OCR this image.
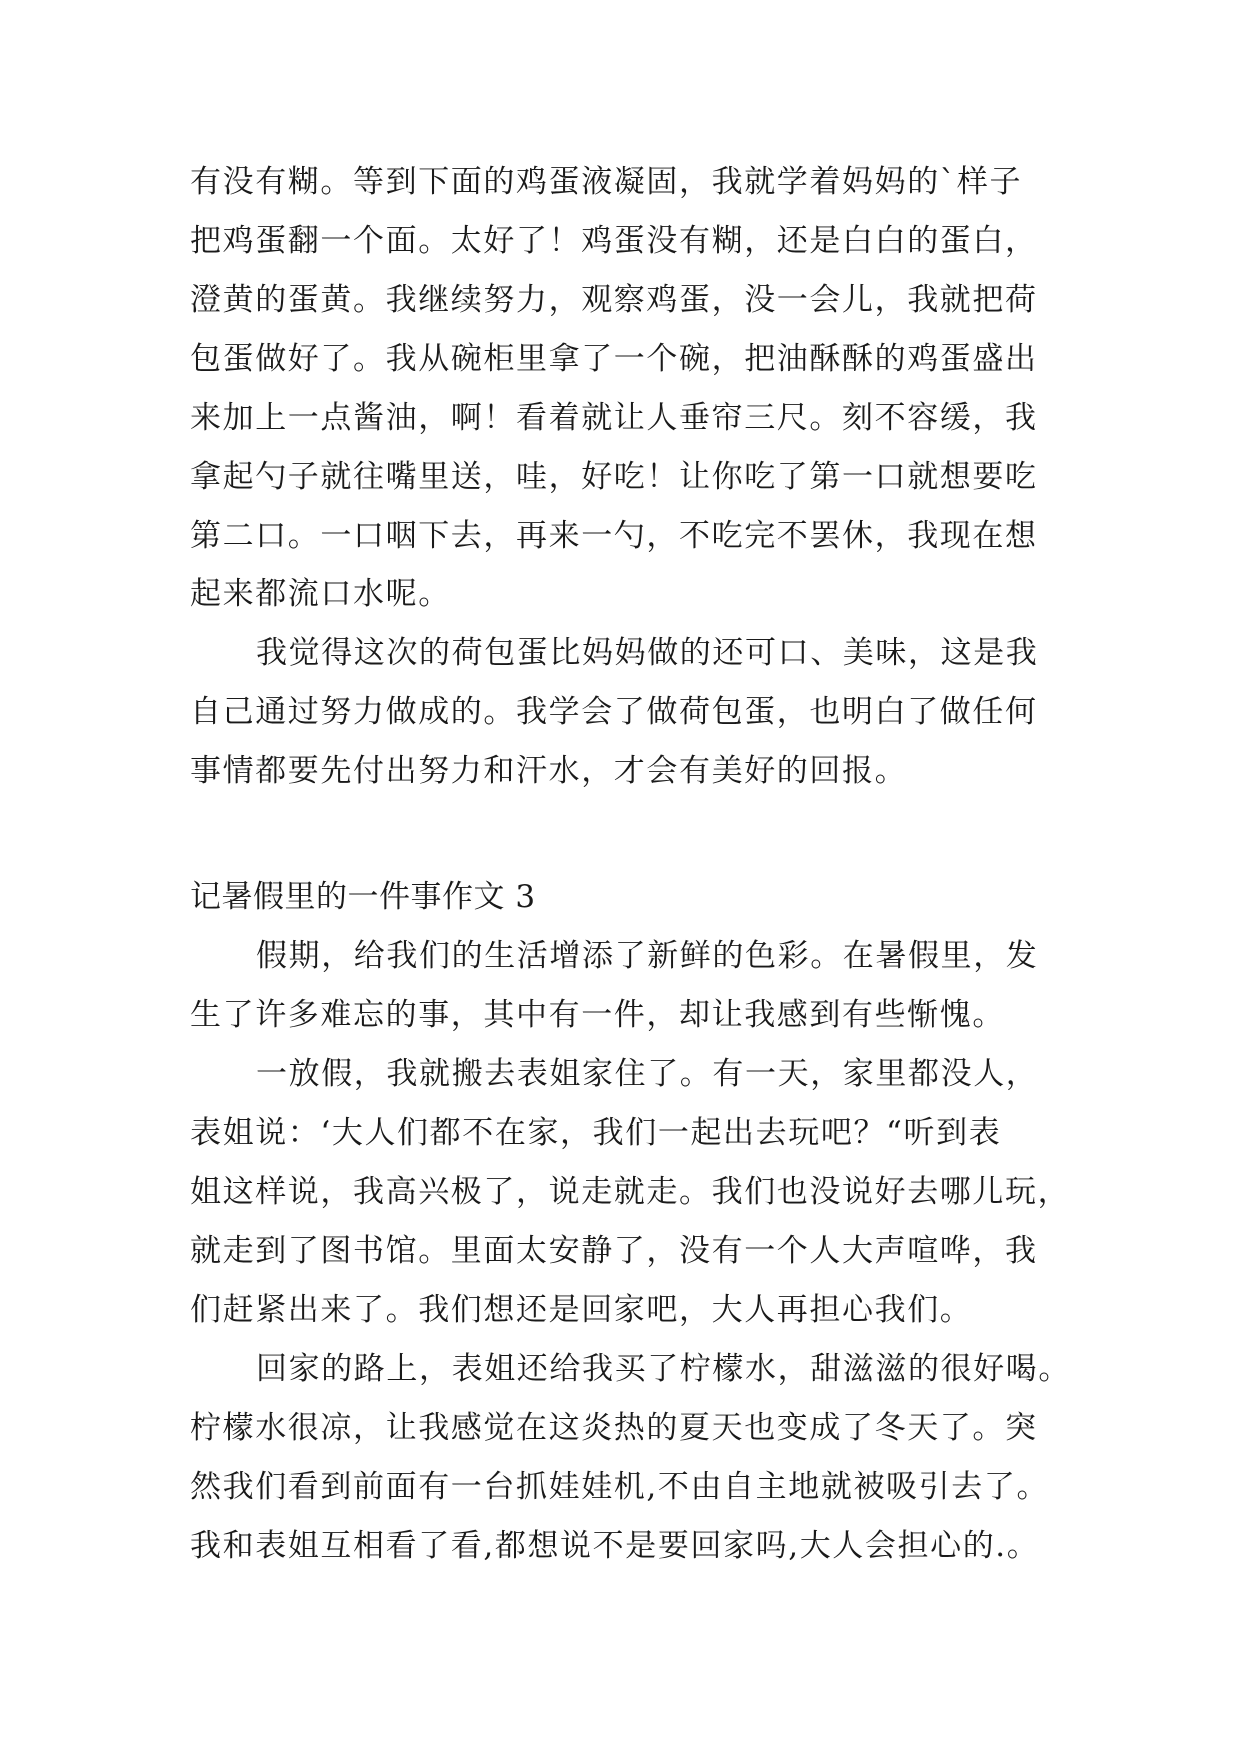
有没有糊。等到下面的鸡蛋液凝固，我就学着妈妈的`样子
把鸡蛋翻一个面。太好了！鸡蛋没有糊，还是白白的蛋白，
澄黄的蛋黄。我继续努力，观察鸡蛋，没一会儿，我就把荷
包蛋做好了。我从碗柜里拿了一个碗，把油酥酥的鸡蛋盛出
来加上一点酱油，啊！看着就让人垂帘三尺。刻不容缓，我
拿起勺子就往嘴里送，哇，好吃！让你吃了第一口就想要吃
第二口。一口咽下去，再来一勺，不吃完不罢休，我现在想
起来都流口水呢。
我觉得这次的荷包蛋比妈妈做的还可口、美味，这是我
自己通过努力做成的。我学会了做荷包蛋，也明白了做任何
事情都要先付出努力和汗水，才会有美好的回报。
记暑假里的一件事作文 3
假期，给我们的生活增添了新鲜的色彩。在暑假里，发
生了许多难忘的事，其中有一件，却让我感到有些惭愧。
一放假，我就搬去表姐家住了。有一天，家里都没人，
表姐说：‘大人们都不在家，我们一起出去玩吧？“听到表
姐这样说，我高兴极了，说走就走。我们也没说好去哪儿玩，
就走到了图书馆。里面太安静了，没有一个人大声喧哗，我
们赶紧出来了。我们想还是回家吧，大人再担心我们。
回家的路上，表姐还给我买了柠檬水，甜滋滋的很好喝。
柠檬水很凉，让我感觉在这炎热的夏天也变成了冬天了。突
然我们看到前面有一台抓娃娃机,不由自主地就被吸引去了。
我和表姐互相看了看,都想说不是要回家吗,大人会担心的.。
